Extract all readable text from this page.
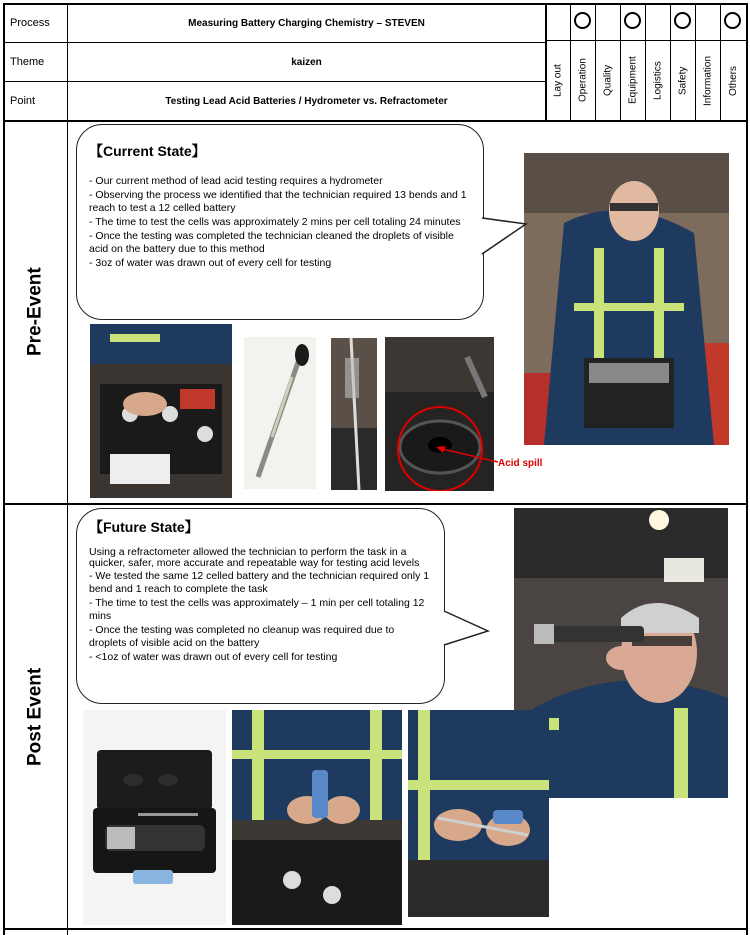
Process	Measuring Battery Charging Chemistry – STEVEN
Theme	kaizen
Point	Testing Lead Acid Batteries / Hydrometer vs. Refractometer
Lay out	Operation	Quality	Equipment	Logistics	Safety	Information	Others
Pre-Event
Post Event
【Current State】
- Our current method of lead acid testing requires a hydrometer
- Observing the process we identified that the technician required 13 bends and 1 reach to test a 12 celled battery
- The time to test the cells was approximately 2 mins per cell totaling 24 minutes
- Once the testing was completed the technician cleaned the droplets of visible acid on the battery due to this method
- 3oz of water was drawn out of every cell for testing
Acid spill
【Future State】
Using a refractometer allowed the technician to perform the task in a quicker, safer, more accurate and repeatable way for testing acid levels
- We tested the same 12 celled battery and the technician required only 1 bend and 1 reach to complete the task
- The time to test the cells was approximately – 1 min per cell totaling 12 mins
- Once the testing was completed no cleanup was required due to droplets of visible acid on the battery
- <1oz of water was drawn out of every cell for testing
